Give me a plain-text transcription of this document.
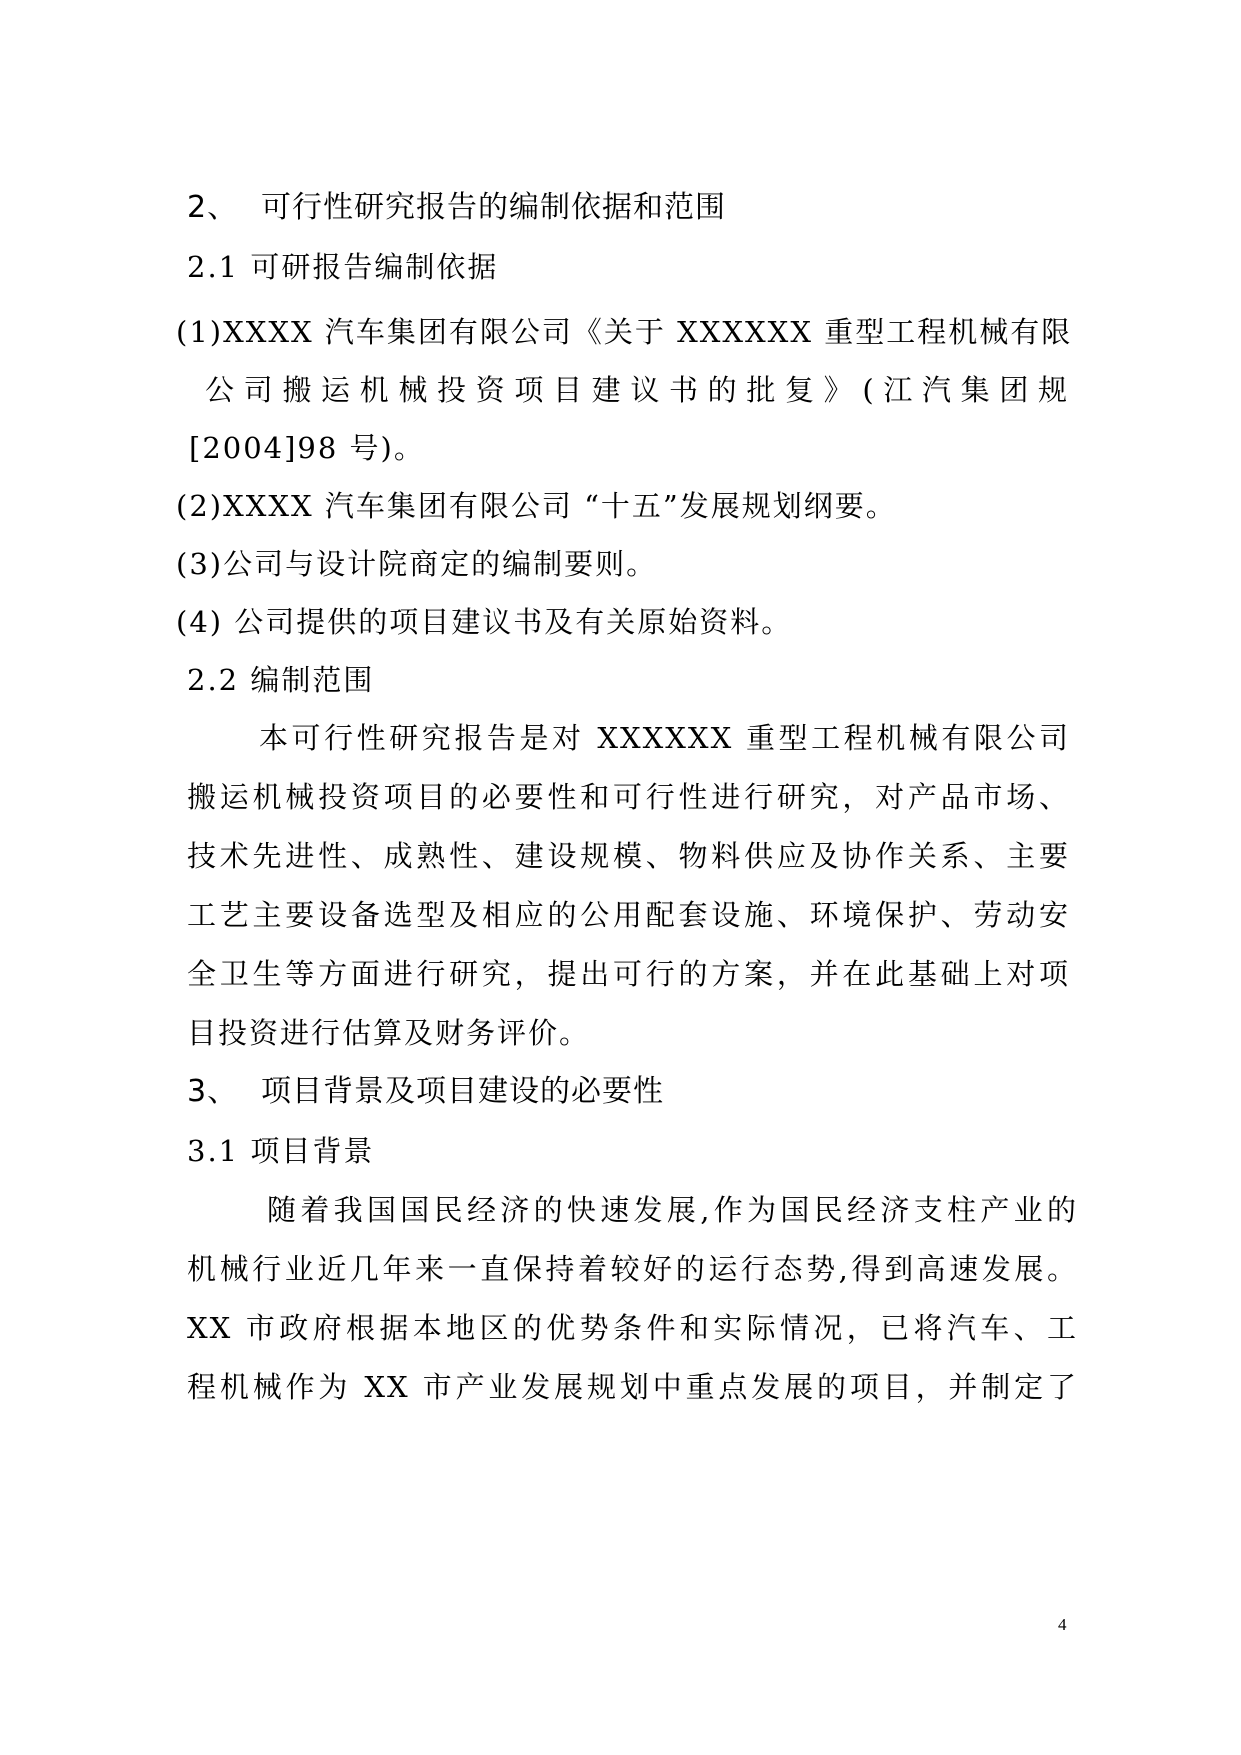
2、 可行性研究报告的编制依据和范围
2.1 可研报告编制依据
(1)XXXX 汽车集团有限公司《关于 XXXXXX 重型工程机械有限
公司搬运机械投资项目建议书的批复》(江汽集团规
[2004]98 号)。
(2)XXXX 汽车集团有限公司 “十五”发展规划纲要。
(3)公司与设计院商定的编制要则。
(4) 公司提供的项目建议书及有关原始资料。
2.2 编制范围
本可行性研究报告是对 XXXXXX 重型工程机械有限公司
搬运机械投资项目的必要性和可行性进行研究，对产品市场、
技术先进性、成熟性、建设规模、物料供应及协作关系、主要
工艺主要设备选型及相应的公用配套设施、环境保护、劳动安
全卫生等方面进行研究，提出可行的方案，并在此基础上对项
目投资进行估算及财务评价。
3、 项目背景及项目建设的必要性
3.1 项目背景
随着我国国民经济的快速发展,作为国民经济支柱产业的
机械行业近几年来一直保持着较好的运行态势,得到高速发展。
XX 市政府根据本地区的优势条件和实际情况，已将汽车、工
程机械作为 XX 市产业发展规划中重点发展的项目，并制定了
4
